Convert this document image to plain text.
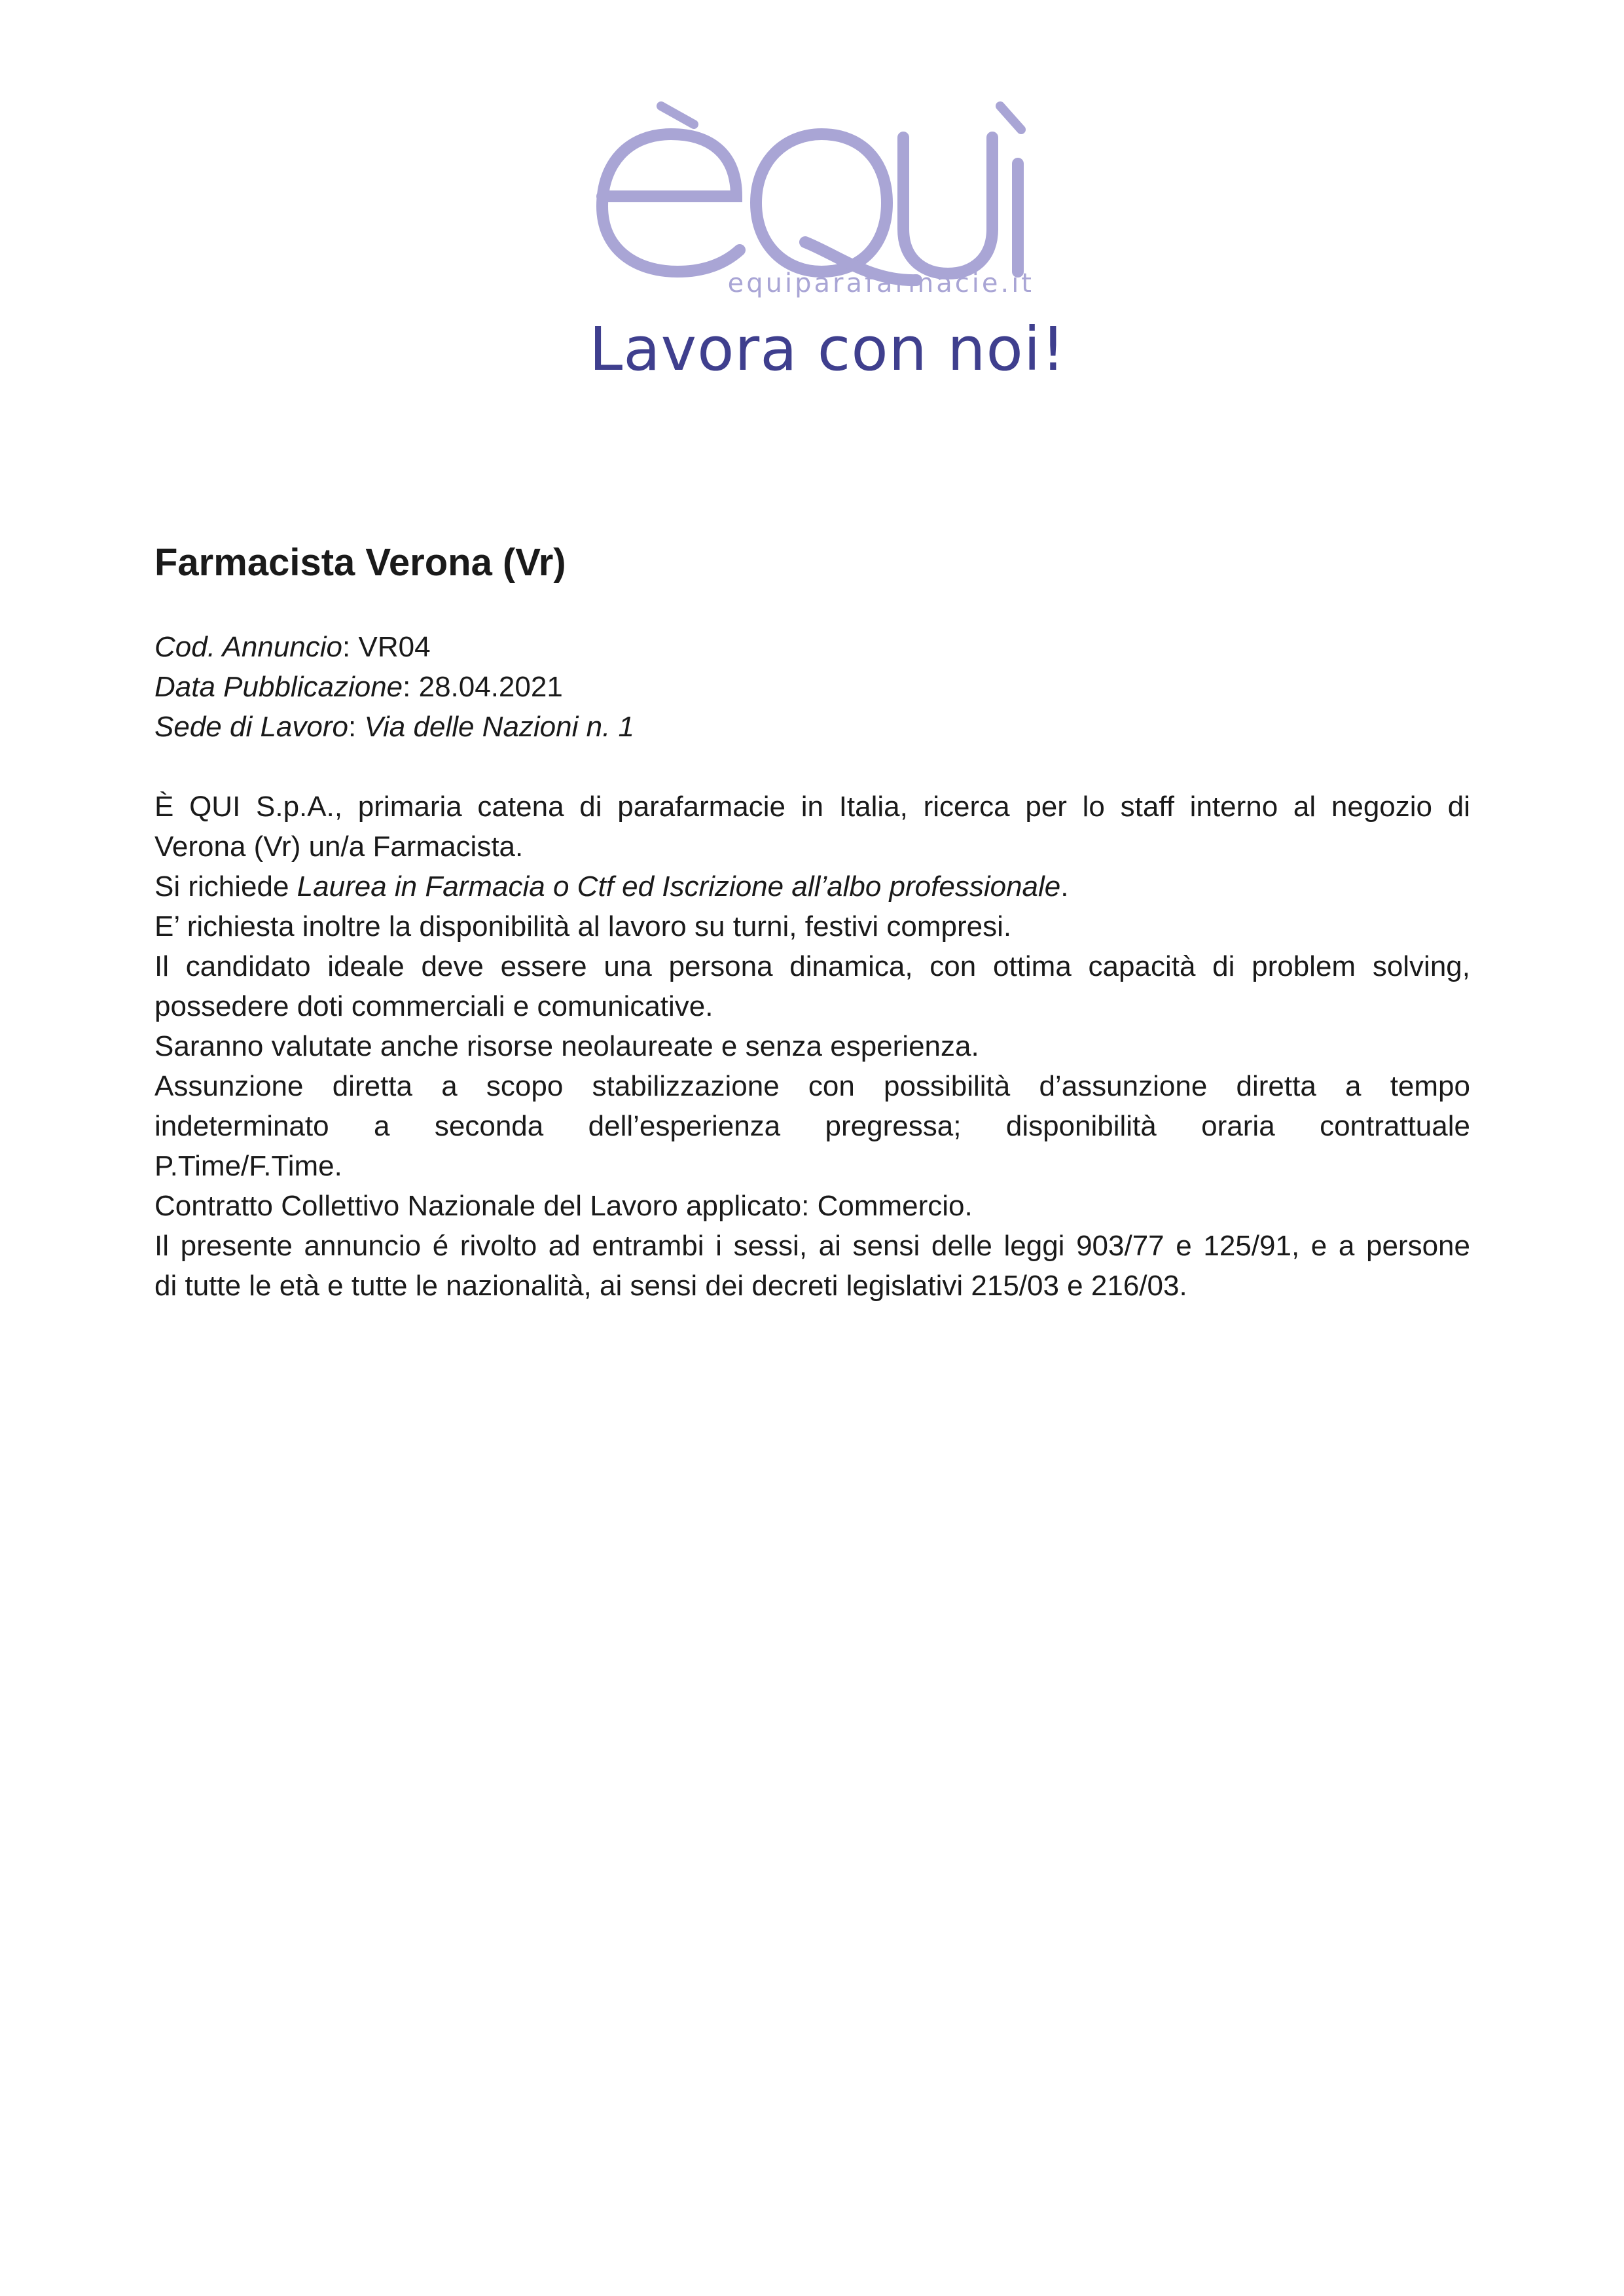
equiparafarmacie.it
Lavora con noi!
Farmacista Verona (Vr)

Cod. Annuncio: VR04

Data Pubblicazione: 28.04.2021

Sede di Lavoro: Via delle Nazioni n. 1

È QUI S.p.A., primaria catena di parafarmacie in Italia, ricerca per lo staff interno al negozio di

Verona (Vr) un/a Farmacista.

Si richiede Laurea in Farmacia o Ctf ed Iscrizione all’albo professionale.

E’ richiesta inoltre la disponibilità al lavoro su turni, festivi compresi.

Il candidato ideale deve essere una persona dinamica, con ottima capacità di problem solving,

possedere doti commerciali e comunicative.

Saranno valutate anche risorse neolaureate e senza esperienza.

Assunzione diretta a scopo stabilizzazione con possibilità d’assunzione diretta a tempo

indeterminato a seconda dell’esperienza pregressa; disponibilità oraria contrattuale

P.Time/F.Time.

Contratto Collettivo Nazionale del Lavoro applicato: Commercio.

Il presente annuncio é rivolto ad entrambi i sessi, ai sensi delle leggi 903/77 e 125/91, e a persone

di tutte le età e tutte le nazionalità, ai sensi dei decreti legislativi 215/03 e 216/03.
